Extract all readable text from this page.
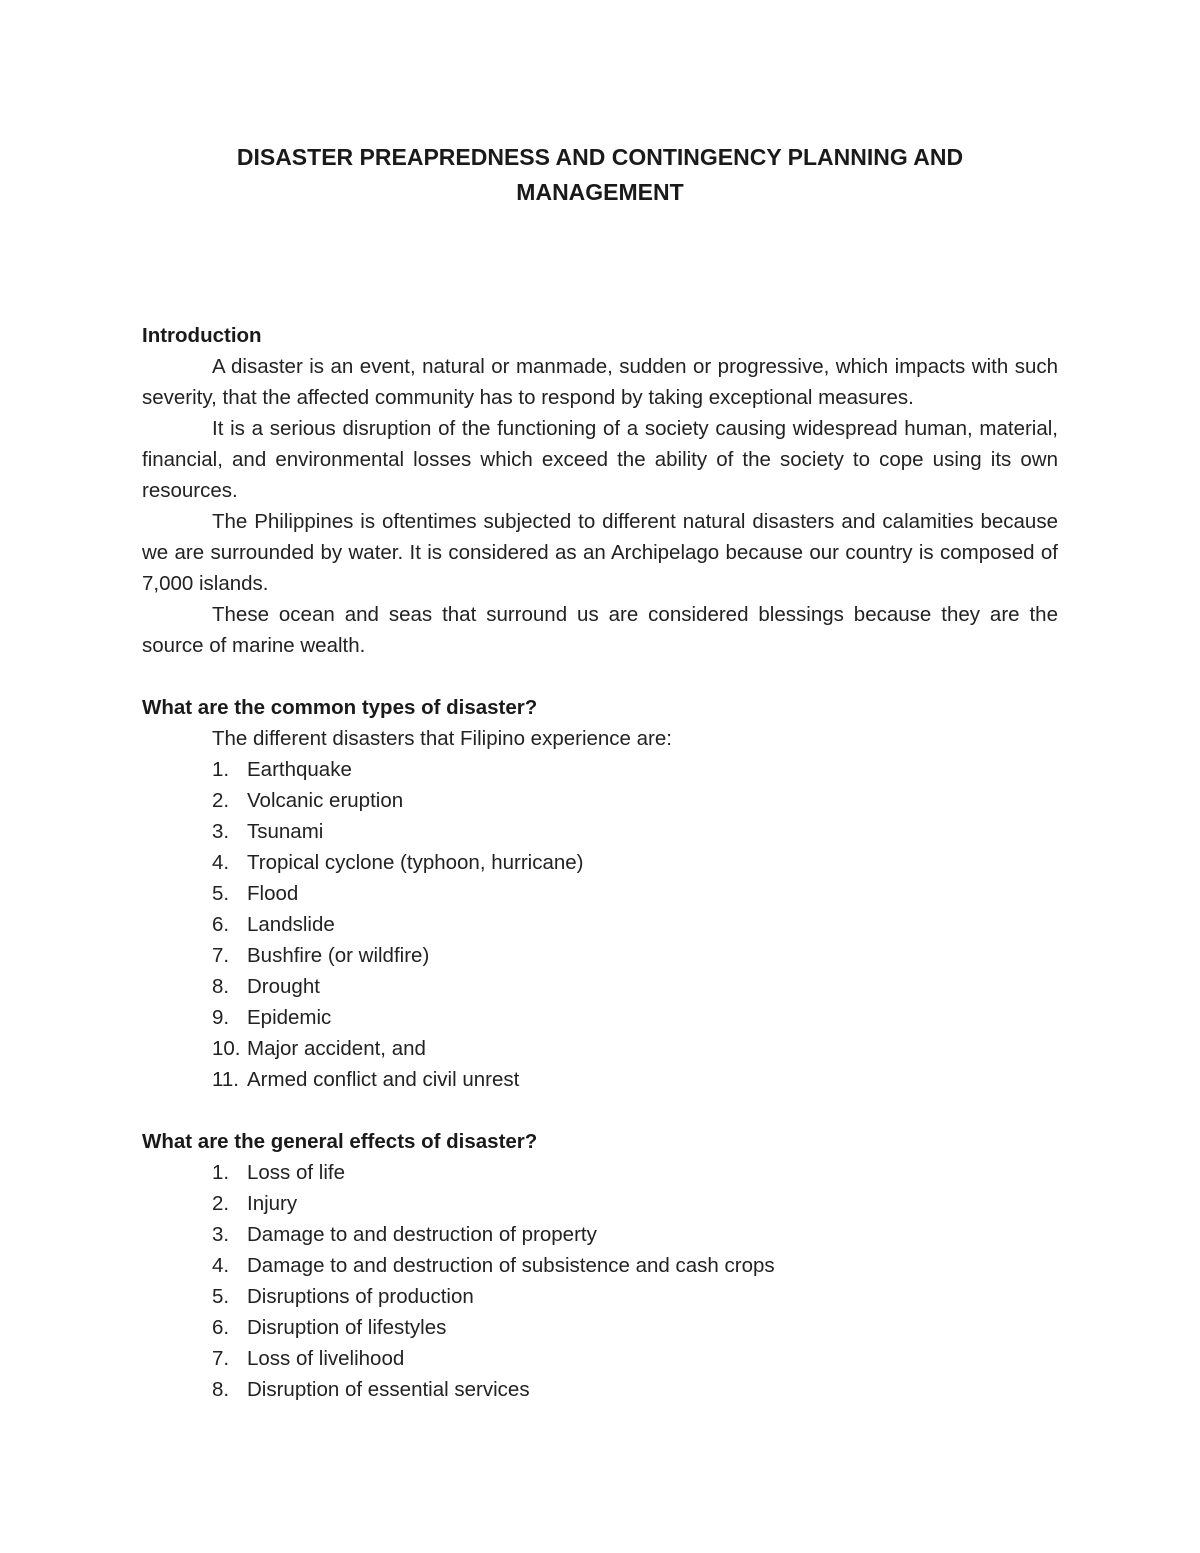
DISASTER PREAPREDNESS AND CONTINGENCY PLANNING AND
MANAGEMENT
Introduction

A disaster is an event, natural or manmade, sudden or progressive, which impacts with such severity, that the affected community has to respond by taking exceptional measures.

It is a serious disruption of the functioning of a society causing widespread human, material, financial, and environmental losses which exceed the ability of the society to cope using its own resources.

The Philippines is oftentimes subjected to different natural disasters and calamities because we are surrounded by water. It is considered as an Archipelago because our country is composed of 7,000 islands.

These ocean and seas that surround us are considered blessings because they are the source of marine wealth.

What are the common types of disaster?

The different disasters that Filipino experience are:

1. Earthquake
2. Volcanic eruption
3. Tsunami
4. Tropical cyclone (typhoon, hurricane)
5. Flood
6. Landslide
7. Bushfire (or wildfire)
8. Drought
9. Epidemic
10. Major accident, and
11. Armed conflict and civil unrest
What are the general effects of disaster?
1. Loss of life
2. Injury
3. Damage to and destruction of property
4. Damage to and destruction of subsistence and cash crops
5. Disruptions of production
6. Disruption of lifestyles
7. Loss of livelihood
8. Disruption of essential services
